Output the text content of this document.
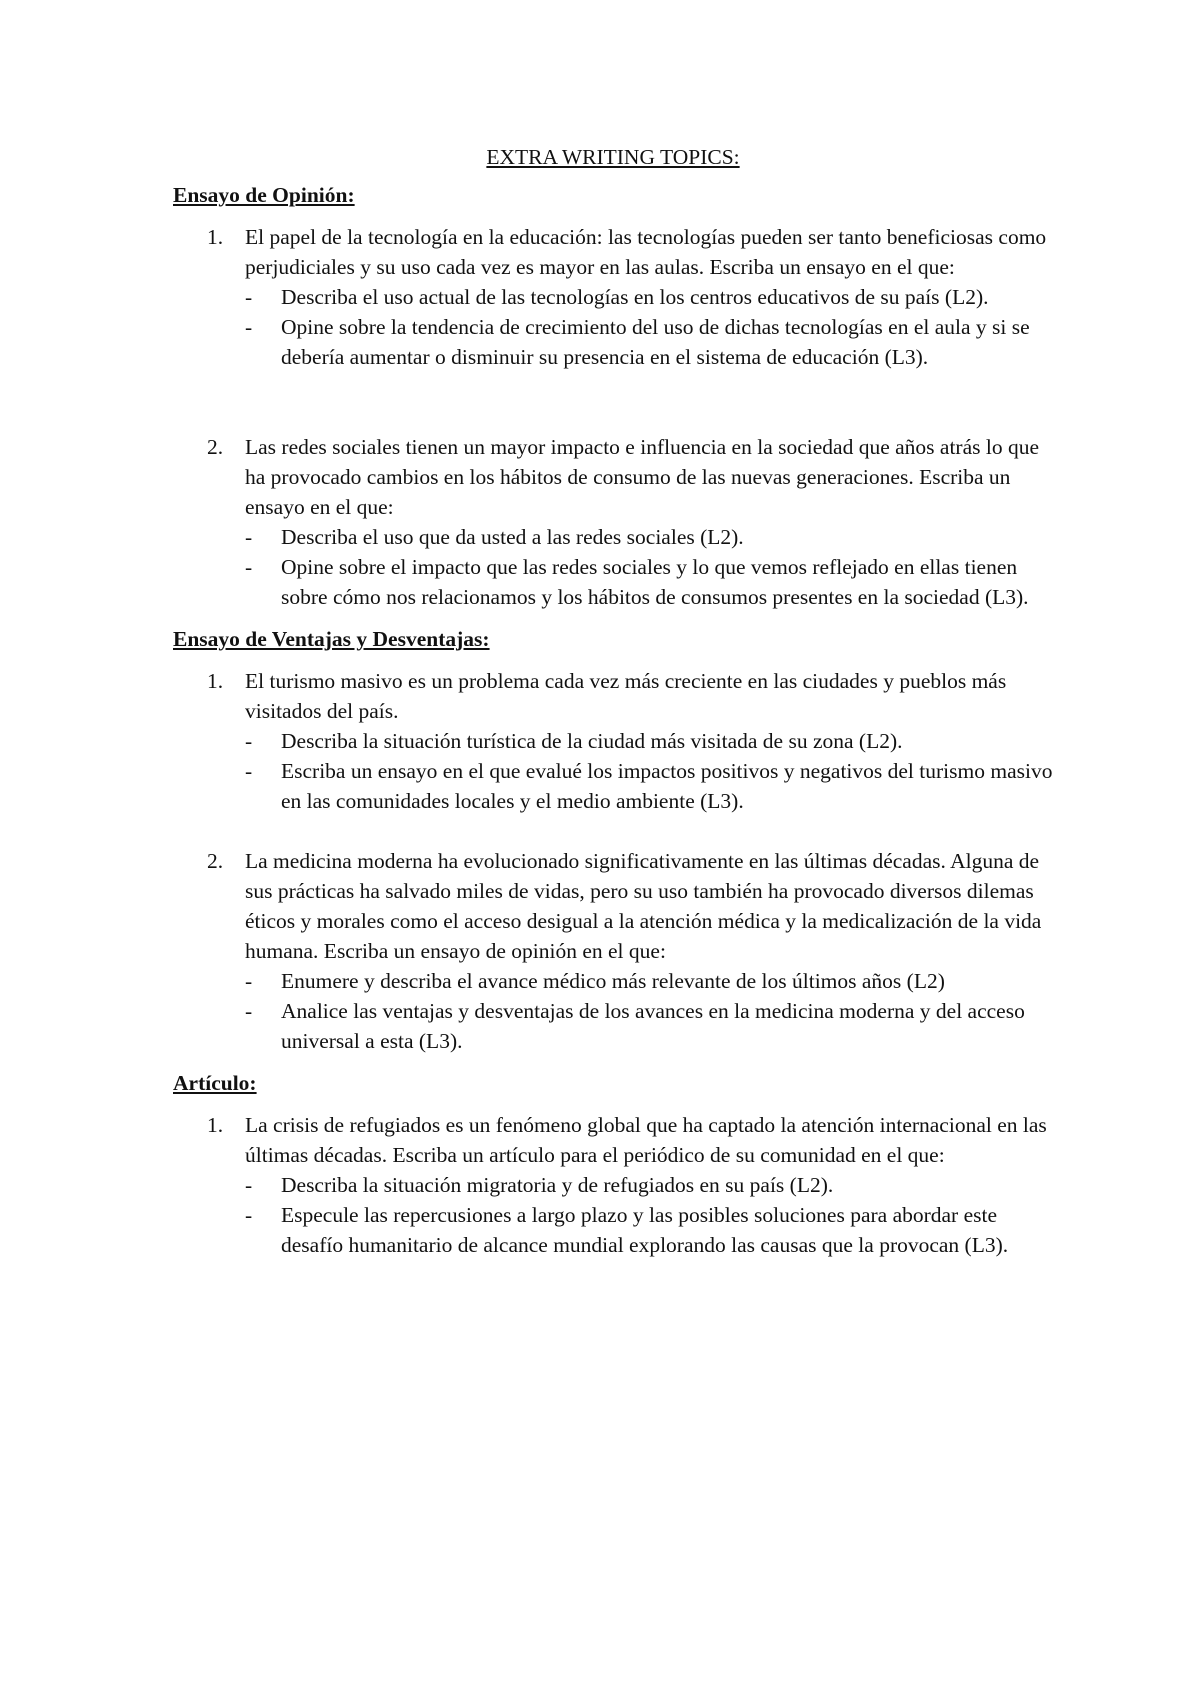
EXTRA WRITING TOPICS:
Ensayo de Opinión:
1. El papel de la tecnología en la educación: las tecnologías pueden ser tanto beneficiosas como perjudiciales y su uso cada vez es mayor en las aulas. Escriba un ensayo en el que:
- Describa el uso actual de las tecnologías en los centros educativos de su país (L2).
- Opine sobre la tendencia de crecimiento del uso de dichas tecnologías en el aula y si se debería aumentar o disminuir su presencia en el sistema de educación (L3).
2. Las redes sociales tienen un mayor impacto e influencia en la sociedad que años atrás lo que ha provocado cambios en los hábitos de consumo de las nuevas generaciones. Escriba un ensayo en el que:
- Describa el uso que da usted a las redes sociales (L2).
- Opine sobre el impacto que las redes sociales y lo que vemos reflejado en ellas tienen sobre cómo nos relacionamos y los hábitos de consumos presentes en la sociedad (L3).
Ensayo de Ventajas y Desventajas:
1. El turismo masivo es un problema cada vez más creciente en las ciudades y pueblos más visitados del país.
- Describa la situación turística de la ciudad más visitada de su zona (L2).
- Escriba un ensayo en el que evalué los impactos positivos y negativos del turismo masivo en las comunidades locales y el medio ambiente (L3).
2. La medicina moderna ha evolucionado significativamente en las últimas décadas. Alguna de sus prácticas ha salvado miles de vidas, pero su uso también ha provocado diversos dilemas éticos y morales como el acceso desigual a la atención médica y la medicalización de la vida humana. Escriba un ensayo de opinión en el que:
- Enumere y describa el avance médico más relevante de los últimos años (L2)
- Analice las ventajas y desventajas de los avances en la medicina moderna y del acceso universal a esta (L3).
Artículo:
1. La crisis de refugiados es un fenómeno global que ha captado la atención internacional en las últimas décadas. Escriba un artículo para el periódico de su comunidad en el que:
- Describa la situación migratoria y de refugiados en su país (L2).
- Especule las repercusiones a largo plazo y las posibles soluciones para abordar este desafío humanitario de alcance mundial explorando las causas que la provocan (L3).
